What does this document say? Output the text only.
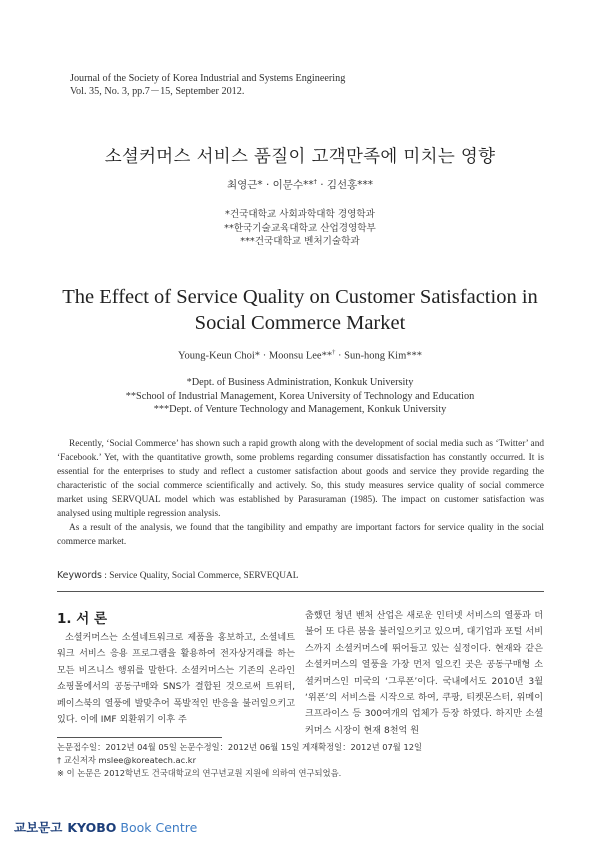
Journal of the Society of Korea Industrial and Systems Engineering
Vol. 35, No. 3, pp.7－15, September 2012.
소셜커머스 서비스 품질이 고객만족에 미치는 영향
최영근* · 이문수**† · 김선홍***
*건국대학교 사회과학대학 경영학과
**한국기술교육대학교 산업경영학부
***건국대학교 벤처기술학과
The Effect of Service Quality on Customer Satisfaction in
Social Commerce Market
Young-Keun Choi* · Moonsu Lee**† · Sun-hong Kim***
*Dept. of Business Administration, Konkuk University
**School of Industrial Management, Korea University of Technology and Education
***Dept. of Venture Technology and Management, Konkuk University

Recently, ‘Social Commerce’ has shown such a rapid growth along with the development of social media such as ‘Twitter’ and ‘Facebook.’ Yet, with the quantitative growth, some problems regarding consumer dissatisfaction has constantly occurred. It is essential for the enterprises to study and reflect a customer satisfaction about goods and service they provide regarding the characteristic of the social commerce scientifically and actively. So, this study measures service quality of social commerce market using SERVQUAL model which was established by Parasuraman (1985). The impact on customer satisfaction was analysed using multiple regression analysis.

As a result of the analysis, we found that the tangibility and empathy are important factors for service quality in the social commerce market.

Keywords : Service Quality, Social Commerce, SERVEQUAL
1. 서 론
소셜커머스는 소셜네트워크로 제품을 홍보하고, 소셜네트워크 서비스 응용 프로그램을 활용하여 전자상거래를 하는 모든 비즈니스 행위를 말한다. 소셜커머스는 기존의 온라인 쇼핑몰에서의 공동구매와 SNS가 결합된 것으로써 트위터, 페이스북의 열풍에 발맞추어 폭발적인 반응을 불러일으키고 있다. 이에 IMF 외환위기 이후 주
춤했던 청년 벤처 산업은 새로운 인터넷 서비스의 열풍과 더불어 또 다른 붐을 불러일으키고 있으며, 대기업과 포털 서비스까지 소셜커머스에 뛰어들고 있는 실정이다. 현재와 같은 소셜커머스의 열풍을 가장 먼저 일으킨 곳은 공동구매형 소셜커머스인 미국의 ‘그루폰’이다. 국내에서도 2010년 3월 ‘위폰’의 서비스를 시작으로 하여, 쿠팡, 티켓몬스터, 위메이크프라이스 등 300여개의 업체가 등장 하였다. 하지만 소셜커머스 시장이 현재 8천억 원
논문접수일：2012년 04월 05일 논문수정일：2012년 06월 15일 게재확정일：2012년 07월 12일
† 교신저자 mslee@koreatech.ac.kr
※ 이 논문은 2012학년도 건국대학교의 연구년교원 지원에 의하여 연구되었음.
교보문고 KYOBO Book Centre
